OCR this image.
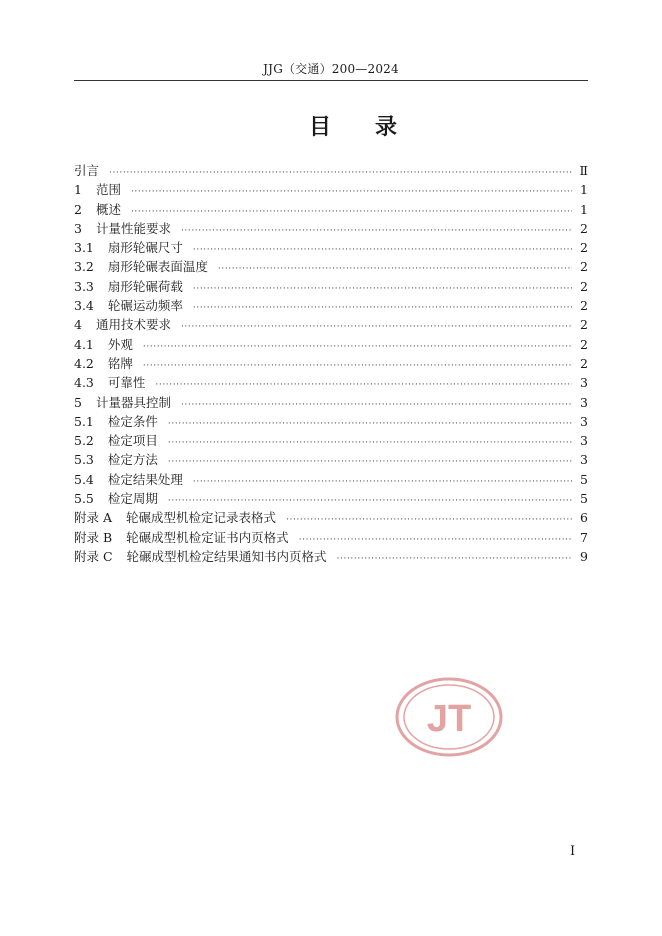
JJG（交通）200—2024
目录
引言 ·····	Ⅱ
1 范围 ·····	1
2 概述 ·····	1
3 计量性能要求 ·····	2
3.1 扇形轮碾尺寸 ·····	2
3.2 扇形轮碾表面温度 ·····	2
3.3 扇形轮碾荷载 ·····	2
3.4 轮碾运动频率 ·····	2
4 通用技术要求 ·····	2
4.1 外观 ·····	2
4.2 铭牌 ·····	2
4.3 可靠性 ·····	3
5 计量器具控制 ·····	3
5.1 检定条件 ·····	3
5.2 检定项目 ·····	3
5.3 检定方法 ·····	3
5.4 检定结果处理 ·····	5
5.5 检定周期 ·····	5
附录 A 轮碾成型机检定记录表格式 ·····	6
附录 B 轮碾成型机检定证书内页格式 ·····	7
附录 C 轮碾成型机检定结果通知书内页格式 ·····	9
JT
I
